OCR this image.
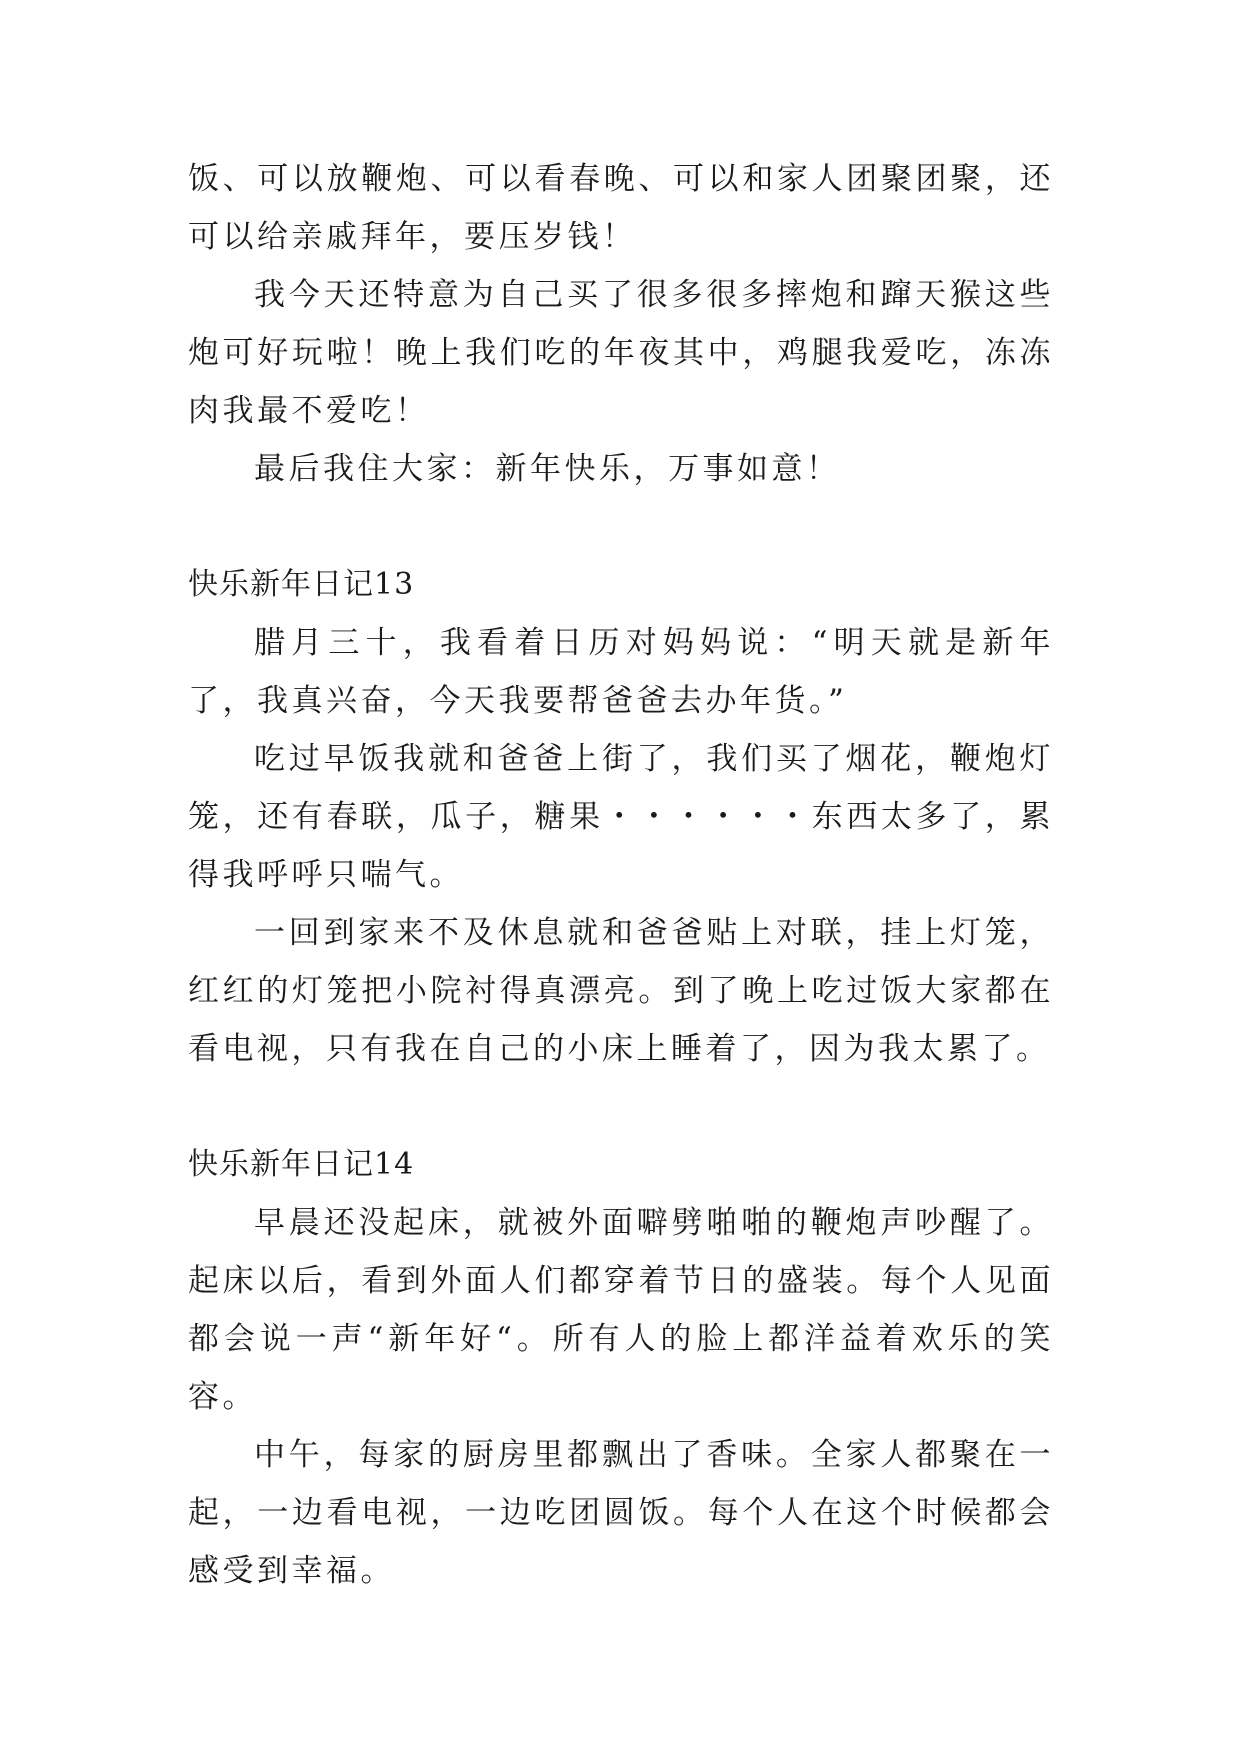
饭、可以放鞭炮、可以看春晚、可以和家人团聚团聚，还可以给亲戚拜年，要压岁钱！

我今天还特意为自己买了很多很多摔炮和蹿天猴这些炮可好玩啦！晚上我们吃的年夜其中，鸡腿我爱吃，冻冻肉我最不爱吃！

最后我住大家：新年快乐，万事如意！

快乐新年日记13

腊月三十，我看着日历对妈妈说：“明天就是新年了，我真兴奋，今天我要帮爸爸去办年货。”

吃过早饭我就和爸爸上街了，我们买了烟花，鞭炮灯笼，还有春联，瓜子，糖果・・・・・・东西太多了，累得我呼呼只喘气。

一回到家来不及休息就和爸爸贴上对联，挂上灯笼，红红的灯笼把小院衬得真漂亮。到了晚上吃过饭大家都在看电视，只有我在自己的小床上睡着了，因为我太累了。

快乐新年日记14

早晨还没起床，就被外面噼劈啪啪的鞭炮声吵醒了。起床以后，看到外面人们都穿着节日的盛装。每个人见面都会说一声“新年好“。所有人的脸上都洋益着欢乐的笑容。

中午，每家的厨房里都飘出了香味。全家人都聚在一起，一边看电视，一边吃团圆饭。每个人在这个时候都会感受到幸福。
